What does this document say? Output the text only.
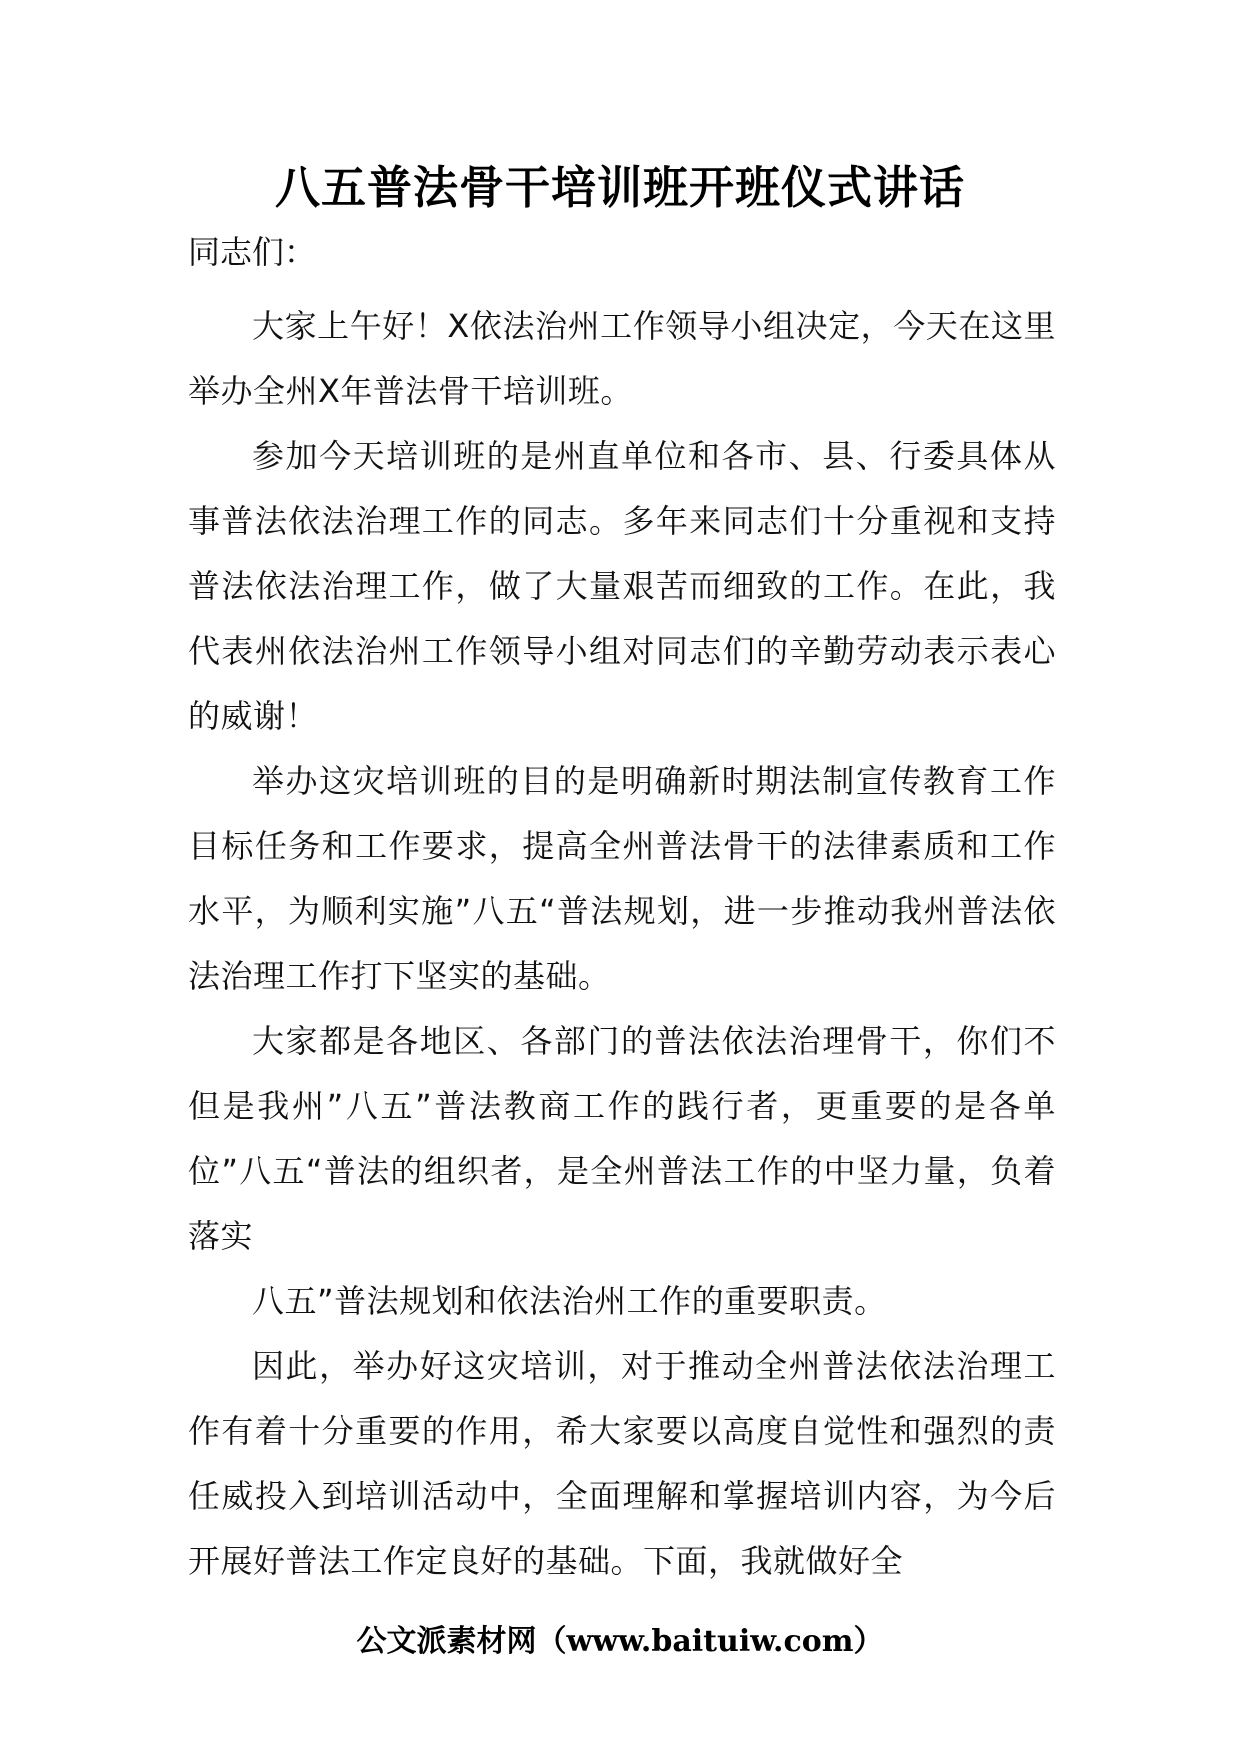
八五普法骨干培训班开班仪式讲话

同志们：

大家上午好！X依法治州工作领导小组决定，今天在这里举办全州X年普法骨干培训班。

参加今天培训班的是州直单位和各市、县、行委具体从事普法依法治理工作的同志。多年来同志们十分重视和支持普法依法治理工作，做了大量艰苦而细致的工作。在此，我代表州依法治州工作领导小组对同志们的辛勤劳动表示表心的威谢！

举办这灾培训班的目的是明确新时期法制宣传教育工作目标任务和工作要求，提高全州普法骨干的法律素质和工作水平，为顺利实施”八五“普法规划，进一步推动我州普法依法治理工作打下坚实的基础。

大家都是各地区、各部门的普法依法治理骨干，你们不但是我州”八五”普法教商工作的践行者，更重要的是各单位”八五“普法的组织者，是全州普法工作的中坚力量，负着落实

八五”普法规划和依法治州工作的重要职责。

因此，举办好这灾培训，对于推动全州普法依法治理工作有着十分重要的作用，希大家要以高度自觉性和强烈的责任威投入到培训活动中，全面理解和掌握培训内容，为今后开展好普法工作定良好的基础。下面，我就做好全

公文派素材网（www.baituiw.com）
